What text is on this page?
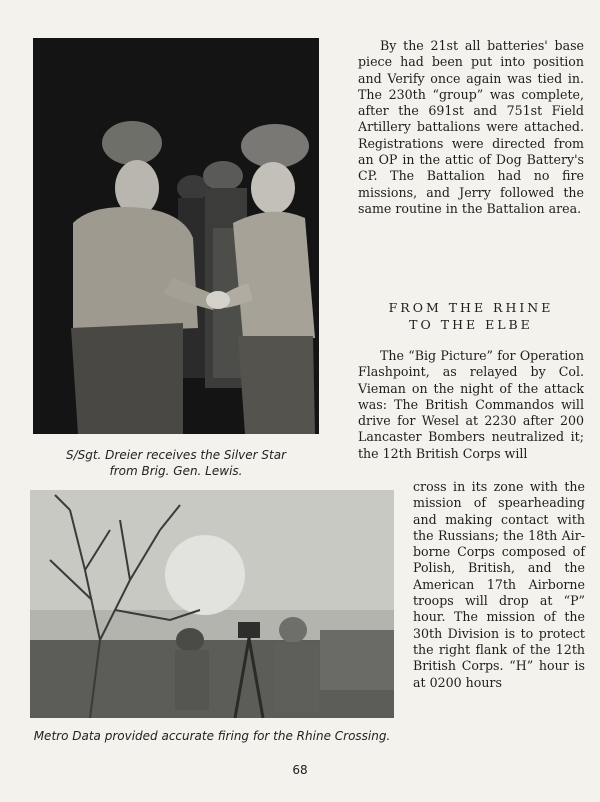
S/Sgt. Dreier receives the Silver Star
from Brig. Gen. Lewis.
Metro Data provided accurate firing for the Rhine Crossing.
By the 21st all batteries' base piece had been put into position and Verify once again was tied in. The 230th “group” was complete, after the 691st and 751st Field Artillery battalions were attached. Registrations were directed from an OP in the attic of Dog Battery's CP. The Battalion had no fire missions, and Jerry followed the same routine in the Battalion area.
FROM THE RHINE
TO THE ELBE
The “Big Picture” for Operation Flashpoint, as relayed by Col. Vieman on the night of the attack was: The British Commandos will drive for Wesel at 2230 after 200 Lancaster Bombers neutralized it; the 12th British Corps will
cross in its zone with the mission of spearheading and making contact with the Russians; the 18th Airborne Corps composed of Polish, British, and the American 17th Airborne troops will drop at “P” hour. The mission of the 30th Division is to protect the right flank of the 12th British Corps. “H” hour is at 0200 hours
68
